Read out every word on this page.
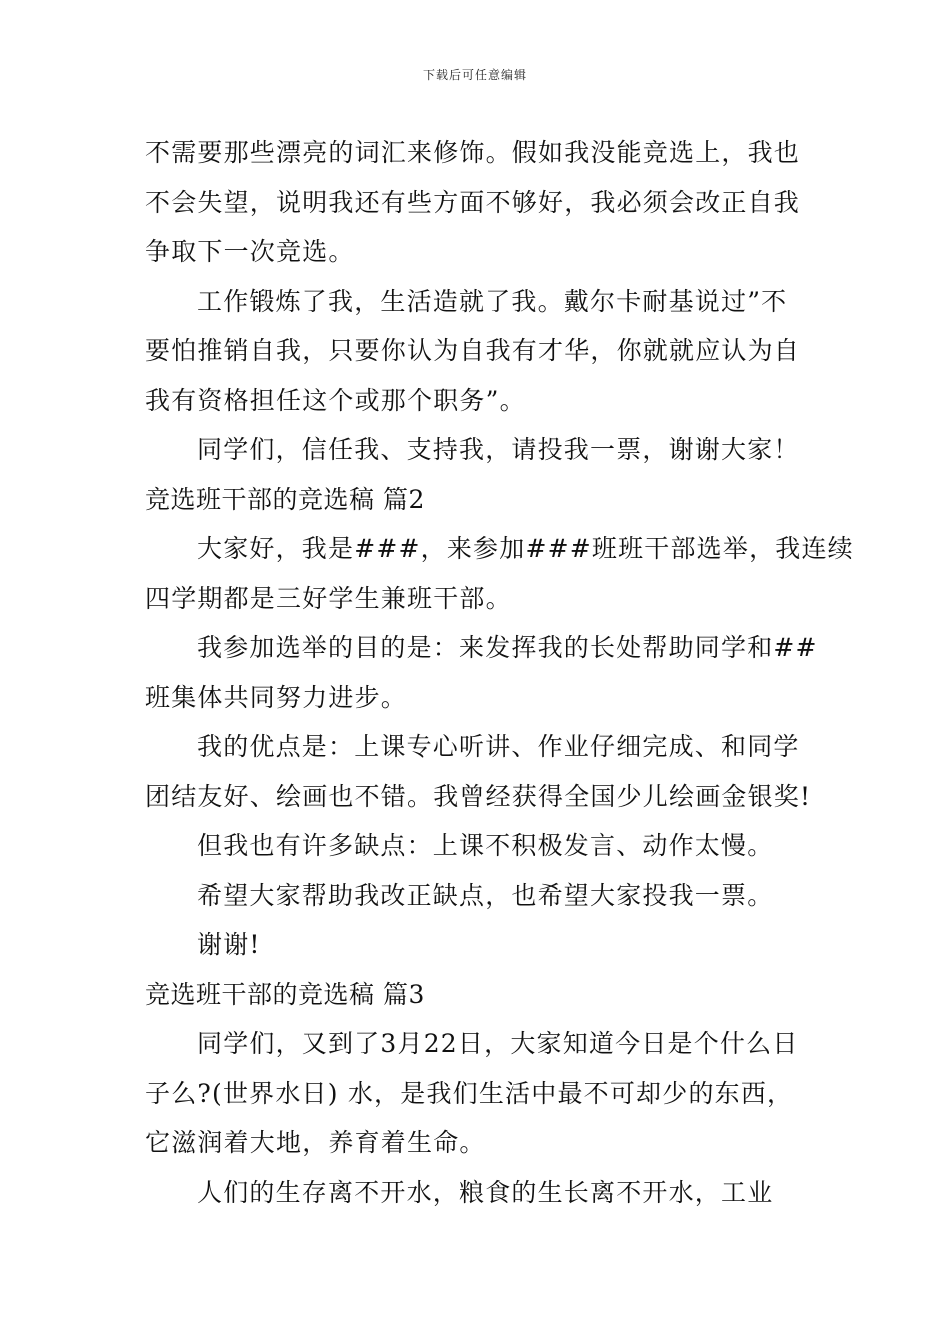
下载后可任意编辑
不需要那些漂亮的词汇来修饰。假如我没能竞选上，我也
不会失望，说明我还有些方面不够好，我必须会改正自我
争取下一次竞选。
工作锻炼了我，生活造就了我。戴尔卡耐基说过”不
要怕推销自我，只要你认为自我有才华，你就就应认为自
我有资格担任这个或那个职务”。
同学们，信任我、支持我，请投我一票，谢谢大家！
竞选班干部的竞选稿 篇2
大家好，我是###，来参加###班班干部选举，我连续
四学期都是三好学生兼班干部。
我参加选举的目的是：来发挥我的长处帮助同学和##
班集体共同努力进步。
我的优点是：上课专心听讲、作业仔细完成、和同学
团结友好、绘画也不错。我曾经获得全国少儿绘画金银奖!
但我也有许多缺点：上课不积极发言、动作太慢。
希望大家帮助我改正缺点，也希望大家投我一票。
谢谢!
竞选班干部的竞选稿 篇3
同学们，又到了3月22日，大家知道今日是个什么日
子么?(世界水日) 水，是我们生活中最不可却少的东西，
它滋润着大地，养育着生命。
人们的生存离不开水，粮食的生长离不开水，工业
